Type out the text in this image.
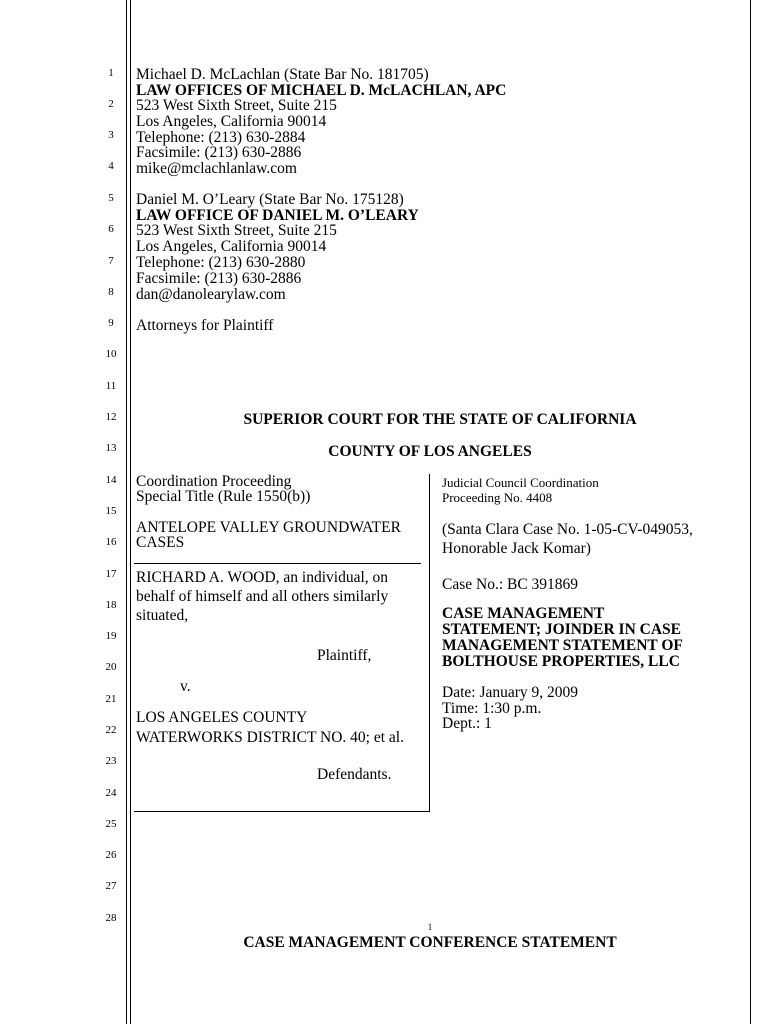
1
2
3
4
5
6
7
8
9
10
11
12
13
14
15
16
17
18
19
20
21
22
23
24
25
26
27
28
Michael D. McLachlan (State Bar No. 181705)
LAW OFFICES OF MICHAEL D. McLACHLAN, APC
523 West Sixth Street, Suite 215
Los Angeles, California 90014
Telephone: (213) 630-2884
Facsimile: (213) 630-2886
mike@mclachlanlaw.com
Daniel M. O’Leary (State Bar No. 175128)
LAW OFFICE OF DANIEL M. O’LEARY
523 West Sixth Street, Suite 215
Los Angeles, California 90014
Telephone: (213) 630-2880
Facsimile: (213) 630-2886
dan@danolearylaw.com
Attorneys for Plaintiff
SUPERIOR COURT FOR THE STATE OF CALIFORNIA
COUNTY OF LOS ANGELES
Coordination Proceeding
Special Title (Rule 1550(b))
ANTELOPE VALLEY GROUNDWATER
CASES
RICHARD A. WOOD, an individual, on
behalf of himself and all others similarly
situated,
Plaintiff,
v.
LOS ANGELES COUNTY
WATERWORKS DISTRICT NO. 40; et al.
Defendants.
Judicial Council Coordination
Proceeding No. 4408
(Santa Clara Case No. 1-05-CV-049053,
Honorable Jack Komar)
Case No.: BC 391869
CASE MANAGEMENT
STATEMENT; JOINDER IN CASE
MANAGEMENT STATEMENT OF
BOLTHOUSE PROPERTIES, LLC
Date: January 9, 2009
Time: 1:30 p.m.
Dept.: 1
1
CASE MANAGEMENT CONFERENCE STATEMENT
